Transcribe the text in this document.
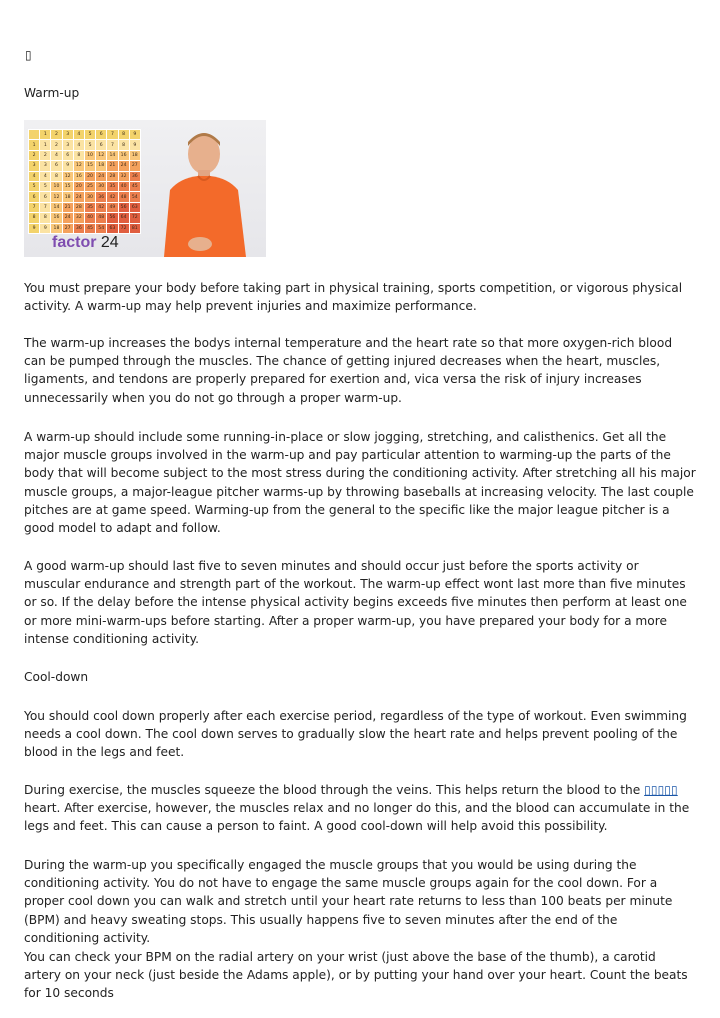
▯
Warm-up
	1	2	3	4	5	6	7	8	9
1	1	2	3	4	5	6	7	8	9
2	2	4	6	8	10	12	14	16	18
3	3	6	9	12	15	18	21	24	27
4	4	8	12	16	20	24	28	32	36
5	5	10	15	20	25	30	35	40	45
6	6	12	18	24	30	36	42	48	54
7	7	14	21	28	35	42	49	56	63
8	8	16	24	32	40	48	56	64	72
9	9	18	27	36	45	54	63	72	81
factor 24

You must prepare your body before taking part in physical training, sports competition, or vigorous physical activity. A warm-up may help prevent injuries and maximize performance.

The warm-up increases the bodys internal temperature and the heart rate so that more oxygen-rich blood can be pumped through the muscles. The chance of getting injured decreases when the heart, muscles, ligaments, and tendons are properly prepared for exertion and, vica versa the risk of injury increases unnecessarily when you do not go through a proper warm-up.

A warm-up should include some running-in-place or slow jogging, stretching, and calisthenics. Get all the major muscle groups involved in the warm-up and pay particular attention to warming-up the parts of the body that will become subject to the most stress during the conditioning activity. After stretching all his major muscle groups, a major-league pitcher warms-up by throwing baseballs at increasing velocity. The last couple pitches are at game speed. Warming-up from the general to the specific like the major league pitcher is a good model to adapt and follow.

A good warm-up should last five to seven minutes and should occur just before the sports activity or muscular endurance and strength part of the workout. The warm-up effect wont last more than five minutes or so. If the delay before the intense physical activity begins exceeds five minutes then perform at least one or more mini-warm-ups before starting. After a proper warm-up, you have prepared your body for a more intense conditioning activity.

Cool-down

You should cool down properly after each exercise period, regardless of the type of workout. Even swimming needs a cool down. The cool down serves to gradually slow the heart rate and helps prevent pooling of the blood in the legs and feet.

During exercise, the muscles squeeze the blood through the veins. This helps return the blood to the ▯▯▯▯▯
heart. After exercise, however, the muscles relax and no longer do this, and the blood can accumulate in the legs and feet. This can cause a person to faint. A good cool-down will help avoid this possibility.

During the warm-up you specifically engaged the muscle groups that you would be using during the conditioning activity. You do not have to engage the same muscle groups again for the cool down. For a proper cool down you can walk and stretch until your heart rate returns to less than 100 beats per minute (BPM) and heavy sweating stops. This usually happens five to seven minutes after the end of the conditioning activity.

You can check your BPM on the radial artery on your wrist (just above the base of the thumb), a carotid artery on your neck (just beside the Adams apple), or by putting your hand over your heart. Count the beats for 10 seconds
